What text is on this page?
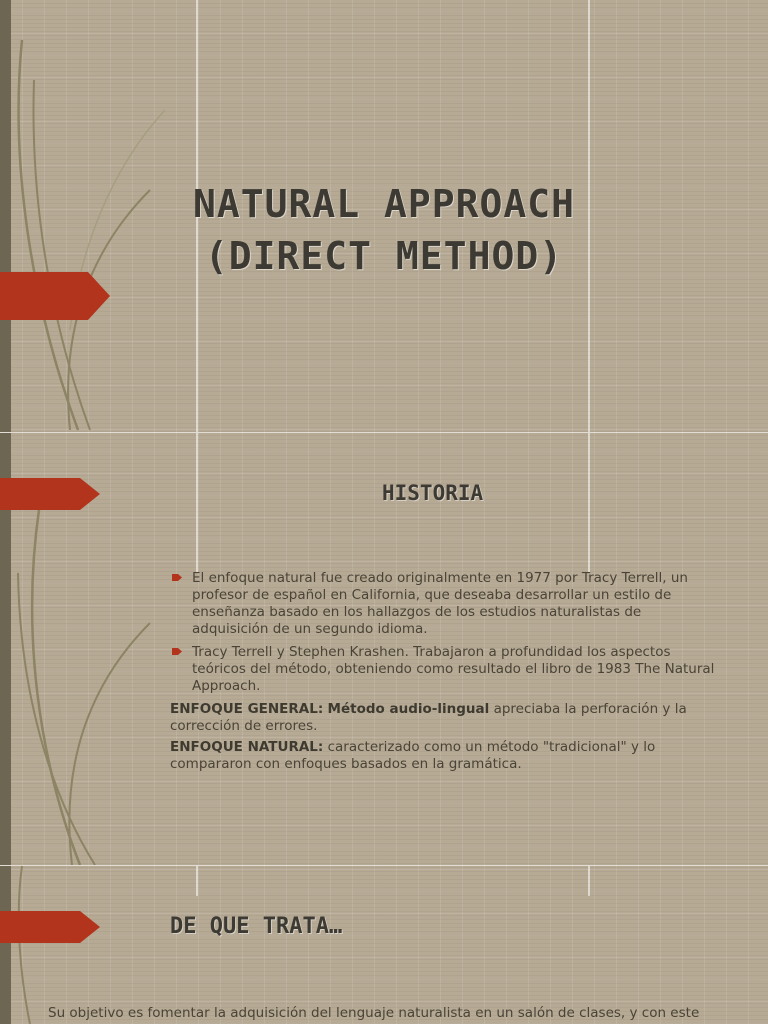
NATURAL APPROACH
(DIRECT METHOD)
HISTORIA
El enfoque natural fue creado originalmente en 1977 por Tracy Terrell, un profesor de español en California, que deseaba desarrollar un estilo de enseñanza basado en los hallazgos de los estudios naturalistas de adquisición de un segundo idioma.
Tracy Terrell y Stephen Krashen. Trabajaron a profundidad los aspectos teóricos del método, obteniendo como resultado el libro de 1983 The Natural Approach.

ENFOQUE GENERAL: Método audio-lingual apreciaba la perforación y la corrección de errores.

ENFOQUE NATURAL: caracterizado como un método "tradicional" y lo compararon con enfoques basados en la gramática.

DE QUE TRATA…
Su objetivo es fomentar la adquisición del lenguaje naturalista en un salón de clases, y con este
